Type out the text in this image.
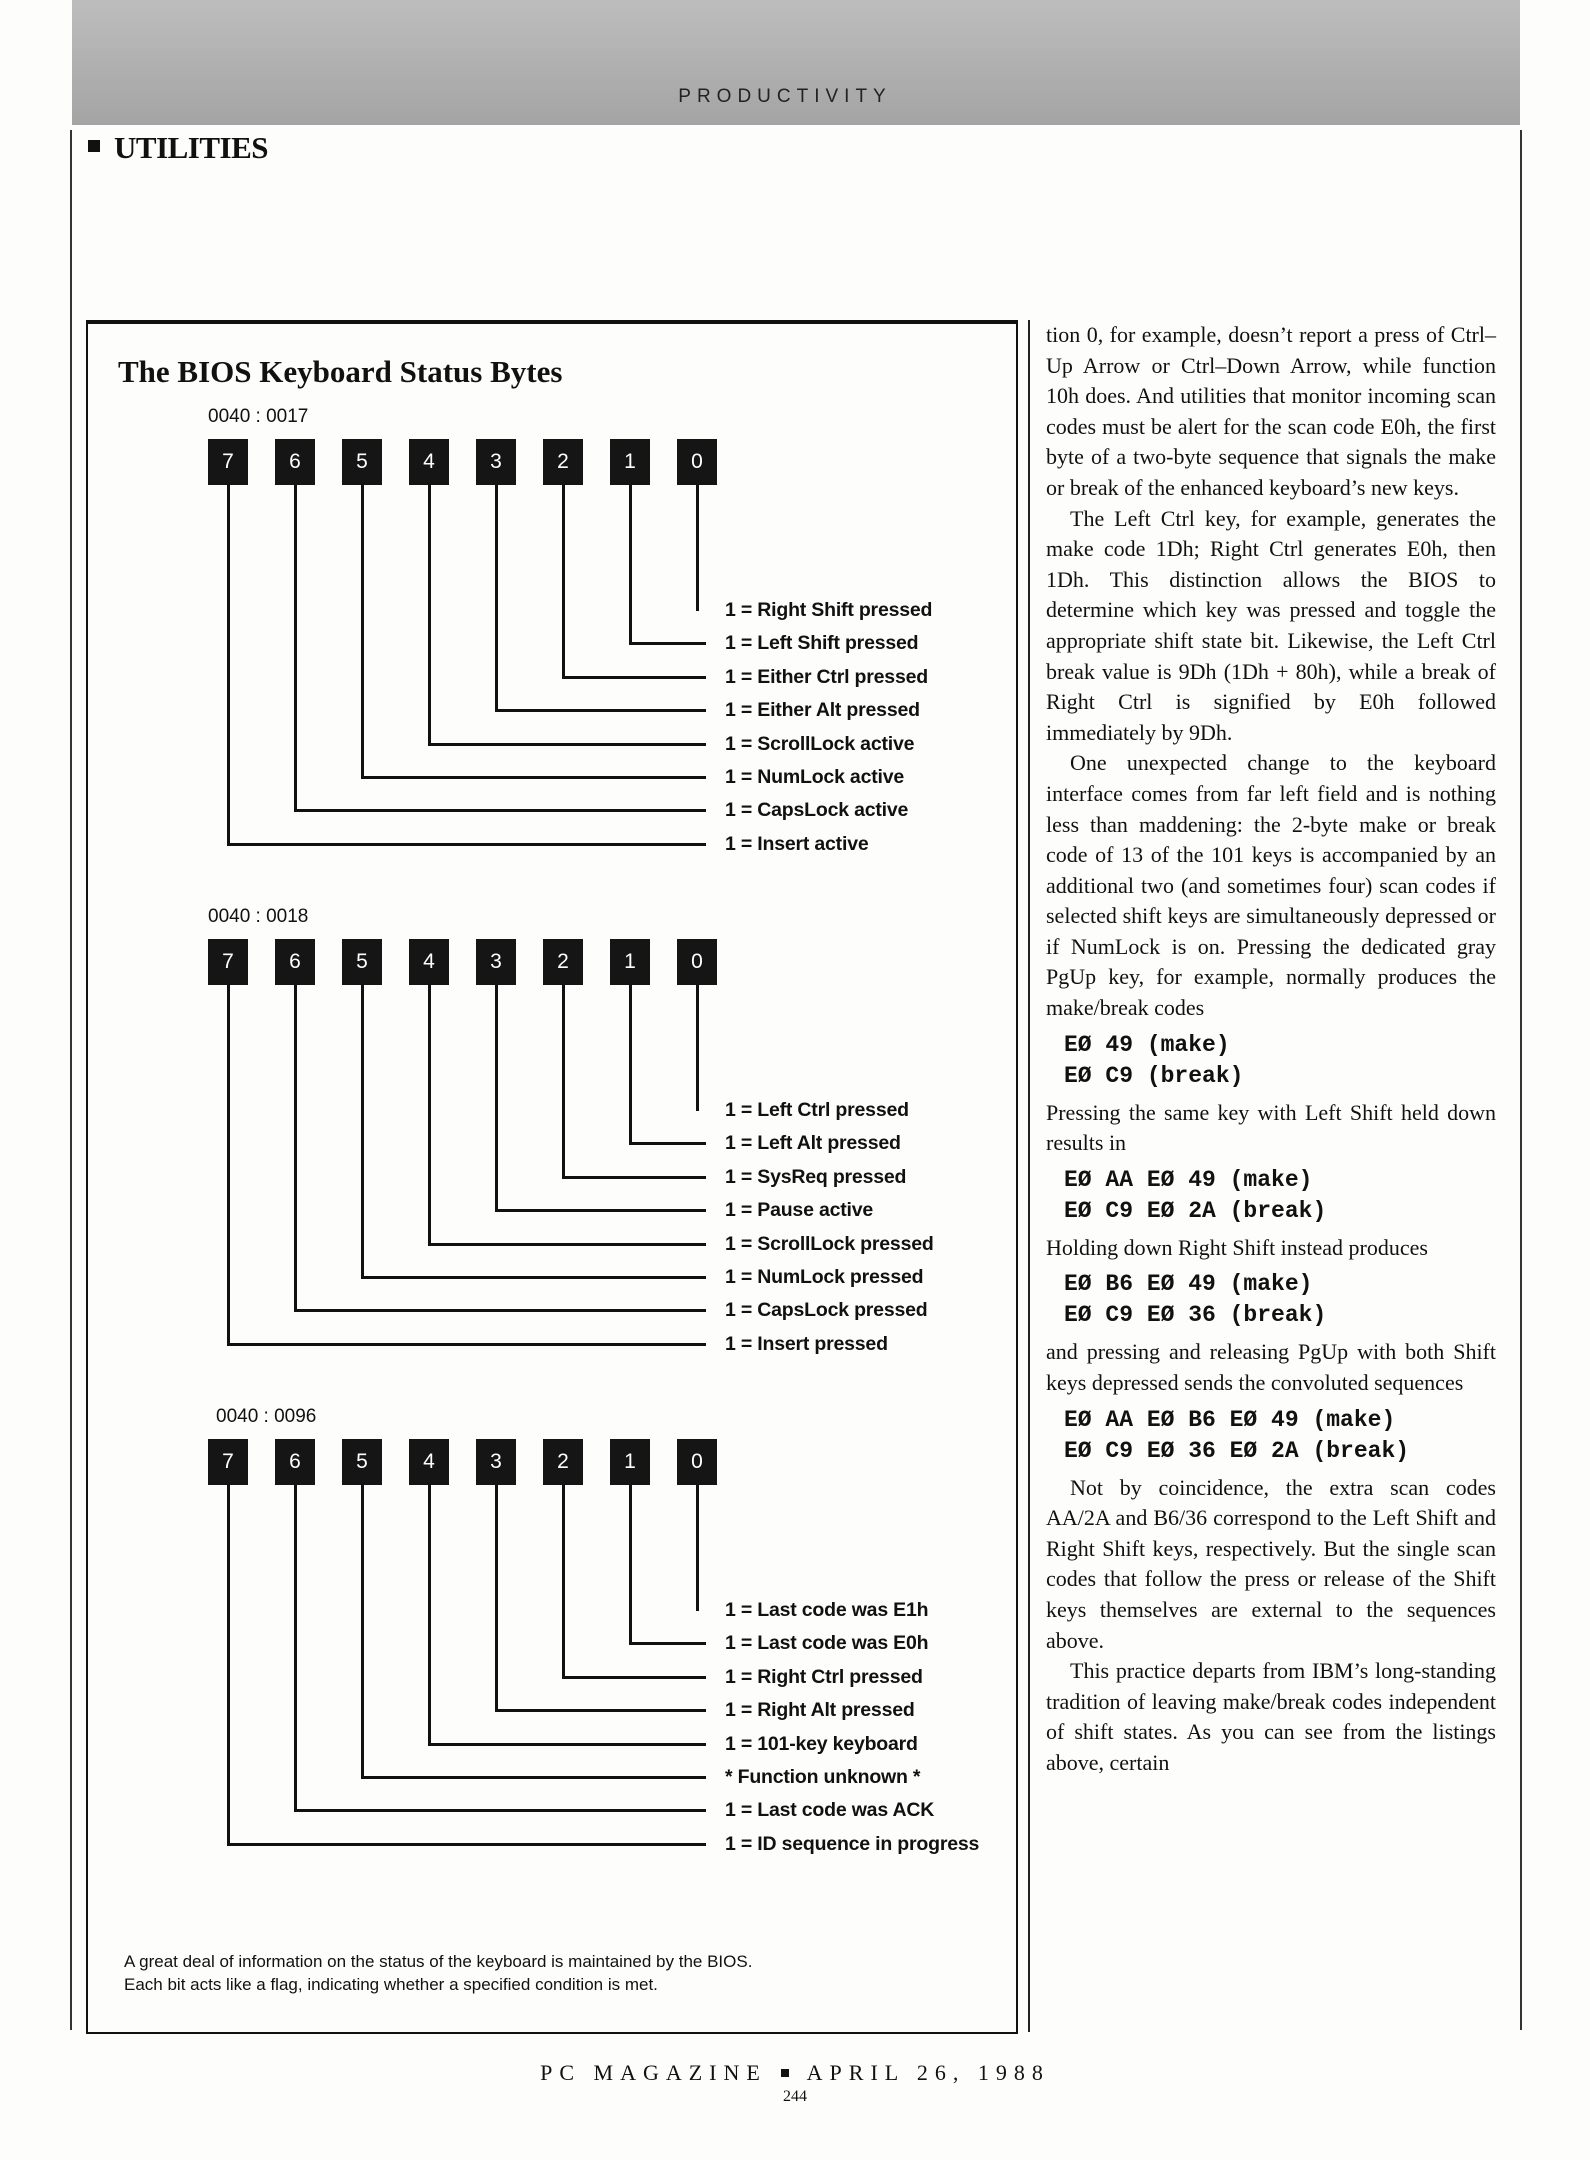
PRODUCTIVITY
UTILITIES
The BIOS Keyboard Status Bytes
0040 : 0017
7
1 = Insert active
6
1 = CapsLock active
5
1 = NumLock active
4
1 = ScrollLock active
3
1 = Either Alt pressed
2
1 = Either Ctrl pressed
1
1 = Left Shift pressed
0
1 = Right Shift pressed
0040 : 0018
7
1 = Insert pressed
6
1 = CapsLock pressed
5
1 = NumLock pressed
4
1 = ScrollLock pressed
3
1 = Pause active
2
1 = SysReq pressed
1
1 = Left Alt pressed
0
1 = Left Ctrl pressed
0040 : 0096
7
1 = ID sequence in progress
6
1 = Last code was ACK
5
* Function unknown *
4
1 = 101-key keyboard
3
1 = Right Alt pressed
2
1 = Right Ctrl pressed
1
1 = Last code was E0h
0
1 = Last code was E1h
A great deal of information on the status of the keyboard is maintained by the BIOS.
Each bit acts like a flag, indicating whether a specified condition is met.

tion 0, for example, doesn’t report a press of Ctrl–Up Arrow or Ctrl–Down Arrow, while function 10h does. And utilities that monitor incoming scan codes must be alert for the scan code E0h, the first byte of a two-byte sequence that signals the make or break of the enhanced keyboard’s new keys.

The Left Ctrl key, for example, generates the make code 1Dh; Right Ctrl generates E0h, then 1Dh. This distinction allows the BIOS to determine which key was pressed and toggle the appropriate shift state bit. Likewise, the Left Ctrl break value is 9Dh (1Dh + 80h), while a break of Right Ctrl is signified by E0h followed immediately by 9Dh.

One unexpected change to the keyboard interface comes from far left field and is nothing less than maddening: the 2-byte make or break code of 13 of the 101 keys is accompanied by an additional two (and sometimes four) scan codes if selected shift keys are simultaneously depressed or if NumLock is on. Pressing the dedicated gray PgUp key, for example, normally produces the make/break codes

EØ 49 (make)
EØ C9 (break)

Pressing the same key with Left Shift held down results in

EØ AA EØ 49 (make)
EØ C9 EØ 2A (break)

Holding down Right Shift instead produces

EØ B6 EØ 49 (make)
EØ C9 EØ 36 (break)

and pressing and releasing PgUp with both Shift keys depressed sends the convoluted sequences

EØ AA EØ B6 EØ 49 (make)
EØ C9 EØ 36 EØ 2A (break)

Not by coincidence, the extra scan codes AA/2A and B6/36 correspond to the Left Shift and Right Shift keys, respectively. But the single scan codes that follow the press or release of the Shift keys themselves are external to the sequences above.

This practice departs from IBM’s long-standing tradition of leaving make/break codes independent of shift states. As you can see from the listings above, certain

PC MAGAZINE APRIL 26, 1988
244
